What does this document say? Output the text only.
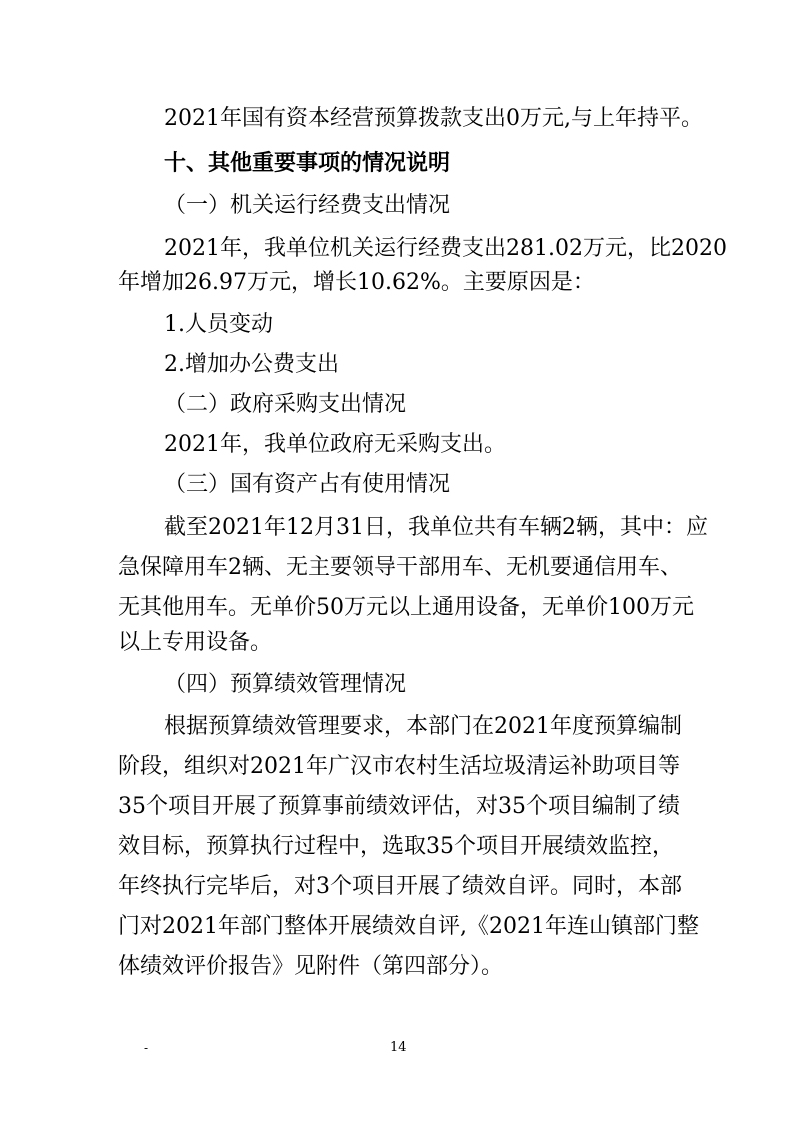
2021年国有资本经营预算拨款支出0万元,与上年持平。
十、其他重要事项的情况说明
（一）机关运行经费支出情况
2021年，我单位机关运行经费支出281.02万元，比2020
年增加26.97万元，增长10.62%。主要原因是：
1.人员变动
2.增加办公费支出
（二）政府采购支出情况
2021年，我单位政府无采购支出。
（三）国有资产占有使用情况
截至2021年12月31日，我单位共有车辆2辆，其中：应
急保障用车2辆、无主要领导干部用车、无机要通信用车、
无其他用车。无单价50万元以上通用设备，无单价100万元
以上专用设备。
（四）预算绩效管理情况
根据预算绩效管理要求，本部门在2021年度预算编制
阶段，组织对2021年广汉市农村生活垃圾清运补助项目等
35个项目开展了预算事前绩效评估，对35个项目编制了绩
效目标，预算执行过程中，选取35个项目开展绩效监控，
年终执行完毕后，对3个项目开展了绩效自评。同时，本部
门对2021年部门整体开展绩效自评,《2021年连山镇部门整
体绩效评价报告》见附件（第四部分）。
-	14
